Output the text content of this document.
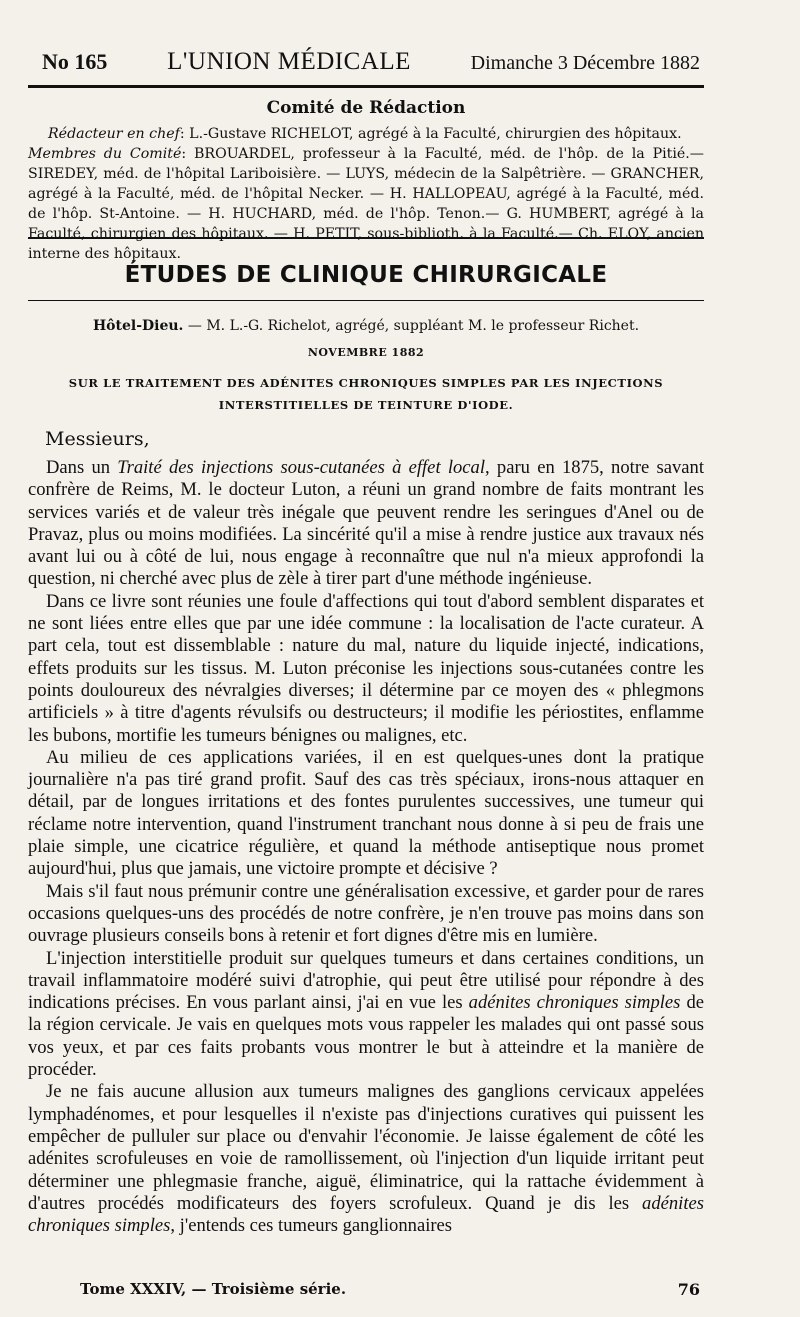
No 165 L'UNION MÉDICALE	Dimanche 3 Décembre 1882
Comité de Rédaction

Rédacteur en chef: L.-Gustave RICHELOT, agrégé à la Faculté, chirurgien des hôpitaux.

Membres du Comité: BROUARDEL, professeur à la Faculté, méd. de l'hôp. de la Pitié.— SIREDEY, méd. de l'hôpital Lariboisière. — LUYS, médecin de la Salpêtrière. — GRANCHER, agrégé à la Faculté, méd. de l'hôpital Necker. — H. HALLOPEAU, agrégé à la Faculté, méd. de l'hôp. St-Antoine. — H. HUCHARD, méd. de l'hôp. Tenon.— G. HUMBERT, agrégé à la Faculté, chirurgien des hôpitaux. — H. PETIT, sous-biblioth. à la Faculté.— Ch. ELOY, ancien interne des hôpitaux.

ÉTUDES DE CLINIQUE CHIRURGICALE
Hôtel-Dieu. — M. L.-G. Richelot, agrégé, suppléant M. le professeur Richet.
NOVEMBRE 1882
SUR LE TRAITEMENT DES ADÉNITES CHRONIQUES SIMPLES PAR LES INJECTIONS
INTERSTITIELLES DE TEINTURE D'IODE.
Messieurs,

Dans un Traité des injections sous-cutanées à effet local, paru en 1875, notre savant confrère de Reims, M. le docteur Luton, a réuni un grand nombre de faits montrant les services variés et de valeur très inégale que peuvent rendre les seringues d'Anel ou de Pravaz, plus ou moins modifiées. La sincérité qu'il a mise à rendre justice aux travaux nés avant lui ou à côté de lui, nous engage à reconnaître que nul n'a mieux approfondi la question, ni cherché avec plus de zèle à tirer part d'une méthode ingénieuse.

Dans ce livre sont réunies une foule d'affections qui tout d'abord semblent disparates et ne sont liées entre elles que par une idée commune : la localisation de l'acte curateur. A part cela, tout est dissemblable : nature du mal, nature du liquide injecté, indications, effets produits sur les tissus. M. Luton préconise les injections sous-cutanées contre les points douloureux des névralgies diverses; il détermine par ce moyen des « phlegmons artificiels » à titre d'agents révulsifs ou destructeurs; il modifie les périostites, enflamme les bubons, mortifie les tumeurs bénignes ou malignes, etc.

Au milieu de ces applications variées, il en est quelques-unes dont la pratique journalière n'a pas tiré grand profit. Sauf des cas très spéciaux, irons-nous attaquer en détail, par de longues irritations et des fontes purulentes successives, une tumeur qui réclame notre intervention, quand l'instrument tranchant nous donne à si peu de frais une plaie simple, une cicatrice régulière, et quand la méthode antiseptique nous promet aujourd'hui, plus que jamais, une victoire prompte et décisive ?

Mais s'il faut nous prémunir contre une généralisation excessive, et garder pour de rares occasions quelques-uns des procédés de notre confrère, je n'en trouve pas moins dans son ouvrage plusieurs conseils bons à retenir et fort dignes d'être mis en lumière.

L'injection interstitielle produit sur quelques tumeurs et dans certaines conditions, un travail inflammatoire modéré suivi d'atrophie, qui peut être utilisé pour répondre à des indications précises. En vous parlant ainsi, j'ai en vue les adénites chroniques simples de la région cervicale. Je vais en quelques mots vous rappeler les malades qui ont passé sous vos yeux, et par ces faits probants vous montrer le but à atteindre et la manière de procéder.

Je ne fais aucune allusion aux tumeurs malignes des ganglions cervicaux appelées lymphadénomes, et pour lesquelles il n'existe pas d'injections curatives qui puissent les empêcher de pulluler sur place ou d'envahir l'économie. Je laisse également de côté les adénites scrofuleuses en voie de ramollissement, où l'injection d'un liquide irritant peut déterminer une phlegmasie franche, aiguë, éliminatrice, qui la rattache évidemment à d'autres procédés modificateurs des foyers scrofuleux. Quand je dis les adénites chroniques simples, j'entends ces tumeurs ganglionnaires

Tome XXXIV, — Troisième série.	76
